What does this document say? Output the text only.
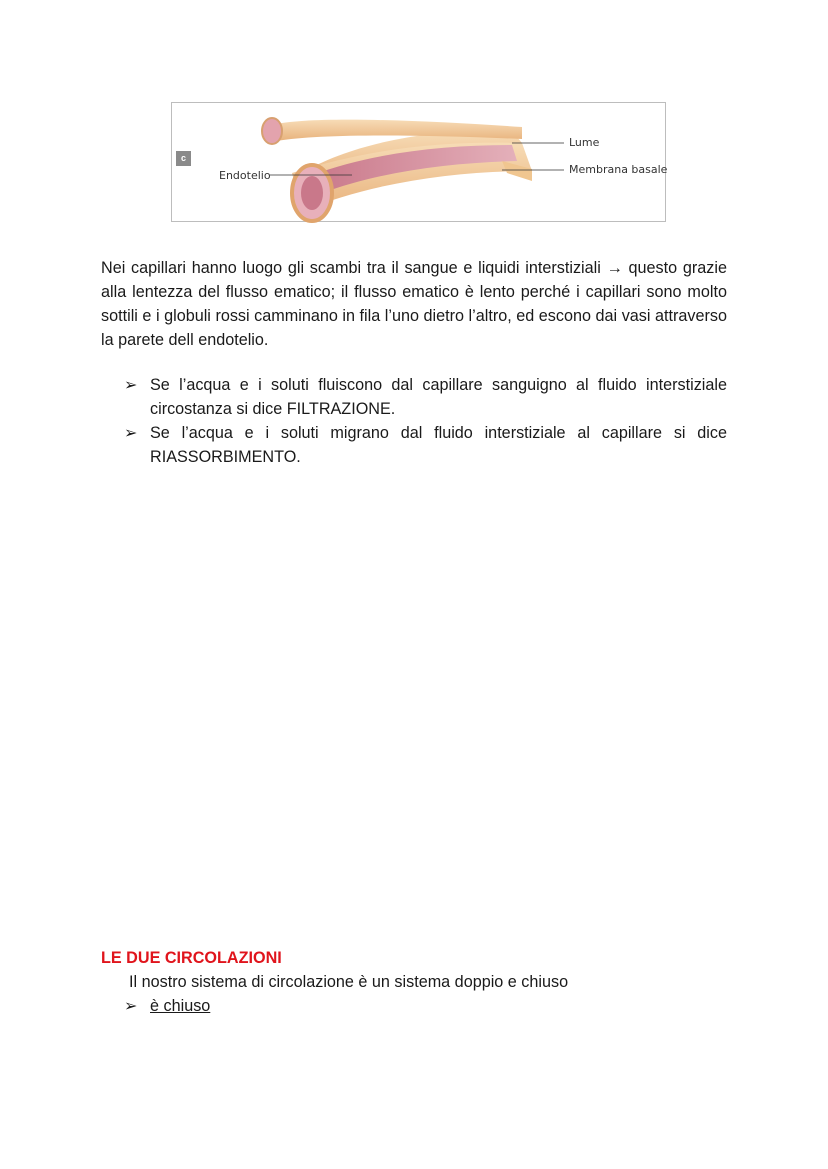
c
Endotelio
Lume
Membrana basale

Nei capillari hanno luogo gli scambi tra il sangue e liquidi interstiziali → questo grazie alla lentezza del flusso ematico; il flusso ematico è lento perché i capillari sono molto sottili e i globuli rossi camminano in fila l’uno dietro l’altro, ed escono dai vasi attraverso la parete dell endotelio.

➢ Se l’acqua e i soluti fluiscono dal capillare sanguigno al fluido interstiziale circostanza si dice FILTRAZIONE.
➢ Se l’acqua e i soluti migrano dal fluido interstiziale al capillare si dice RIASSORBIMENTO.
LE DUE CIRCOLAZIONI

Il nostro sistema di circolazione è un sistema doppio e chiuso

➢ è chiuso
